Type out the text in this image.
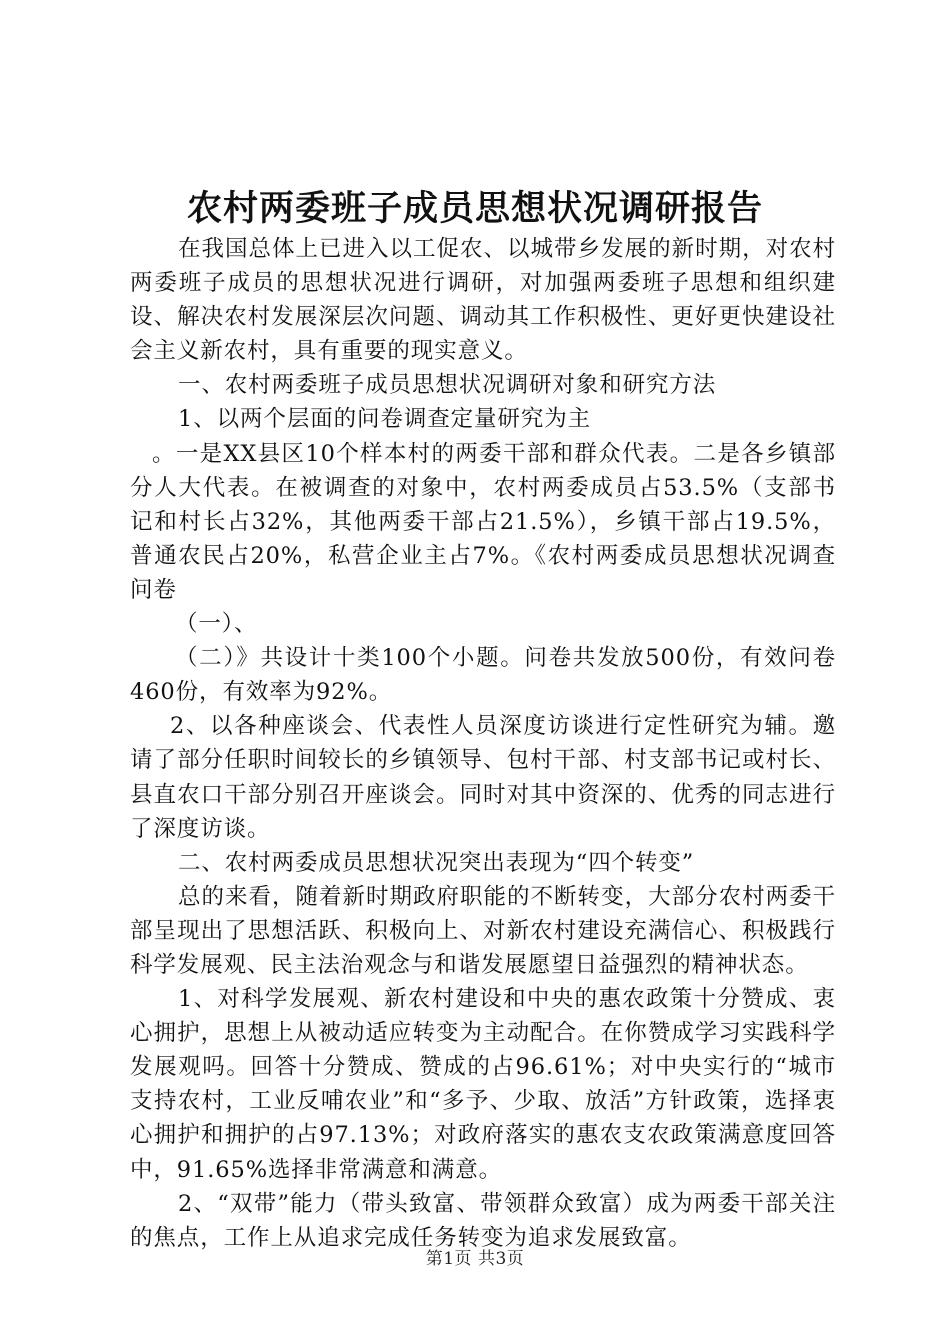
农村两委班子成员思想状况调研报告

在我国总体上已进入以工促农、以城带乡发展的新时期，对农村两委班子成员的思想状况进行调研，对加强两委班子思想和组织建设、解决农村发展深层次问题、调动其工作积极性、更好更快建设社会主义新农村，具有重要的现实意义。

一、农村两委班子成员思想状况调研对象和研究方法

1、以两个层面的问卷调查定量研究为主

。一是XX县区10个样本村的两委干部和群众代表。二是各乡镇部分人大代表。在被调查的对象中，农村两委成员占53.5%（支部书记和村长占32%，其他两委干部占21.5%），乡镇干部占19.5%，普通农民占20%，私营企业主占7%。《农村两委成员思想状况调查问卷

（一）、

（二）》共设计十类100个小题。问卷共发放500份，有效问卷460份，有效率为92%。

2、以各种座谈会、代表性人员深度访谈进行定性研究为辅。邀请了部分任职时间较长的乡镇领导、包村干部、村支部书记或村长、县直农口干部分别召开座谈会。同时对其中资深的、优秀的同志进行了深度访谈。

二、农村两委成员思想状况突出表现为“四个转变”

总的来看，随着新时期政府职能的不断转变，大部分农村两委干部呈现出了思想活跃、积极向上、对新农村建设充满信心、积极践行科学发展观、民主法治观念与和谐发展愿望日益强烈的精神状态。

1、对科学发展观、新农村建设和中央的惠农政策十分赞成、衷心拥护，思想上从被动适应转变为主动配合。在你赞成学习实践科学发展观吗。回答十分赞成、赞成的占96.61%；对中央实行的“城市支持农村，工业反哺农业”和“多予、少取、放活”方针政策，选择衷心拥护和拥护的占97.13%；对政府落实的惠农支农政策满意度回答中，91.65%选择非常满意和满意。

2、“双带”能力（带头致富、带领群众致富）成为两委干部关注的焦点，工作上从追求完成任务转变为追求发展致富。

第1页 共3页
